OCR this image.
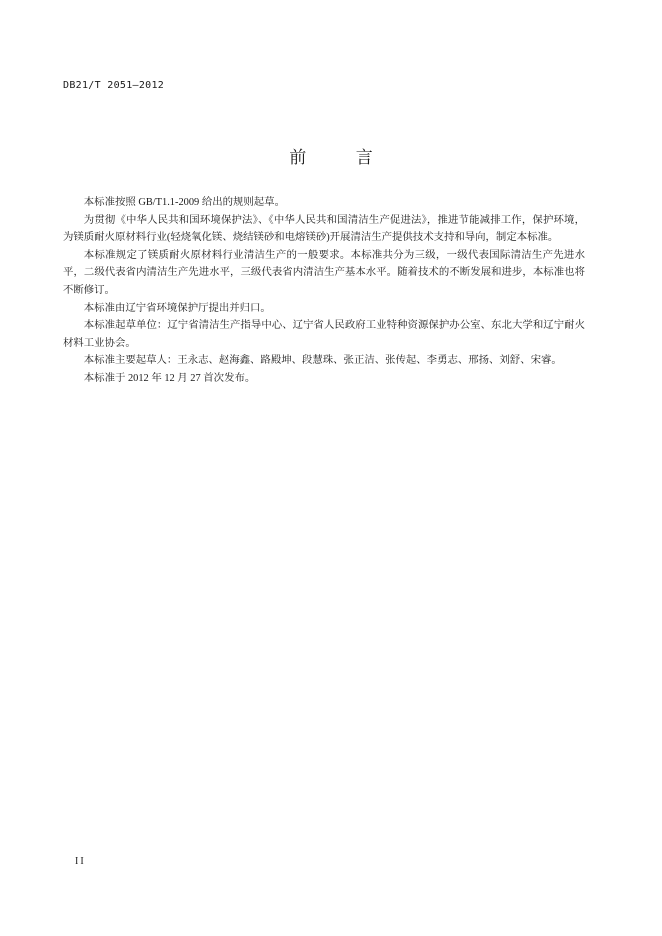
DB21/T 2051—2012
前 言

本标准按照 GB/T1.1-2009 给出的规则起草。

为贯彻《中华人民共和国环境保护法》、《中华人民共和国清洁生产促进法》，推进节能减排工作，保护环境，为镁质耐火原材料行业(轻烧氧化镁、烧结镁砂和电熔镁砂)开展清洁生产提供技术支持和导向，制定本标准。

本标准规定了镁质耐火原材料行业清洁生产的一般要求。本标准共分为三级，一级代表国际清洁生产先进水平，二级代表省内清洁生产先进水平，三级代表省内清洁生产基本水平。随着技术的不断发展和进步，本标准也将不断修订。

本标准由辽宁省环境保护厅提出并归口。

本标准起草单位：辽宁省清洁生产指导中心、辽宁省人民政府工业特种资源保护办公室、东北大学和辽宁耐火材料工业协会。

本标准主要起草人：王永志、赵海鑫、路殿坤、段慧珠、张正洁、张传起、李勇志、邢扬、刘舒、宋睿。

本标准于 2012 年 12 月 27 首次发布。

II
